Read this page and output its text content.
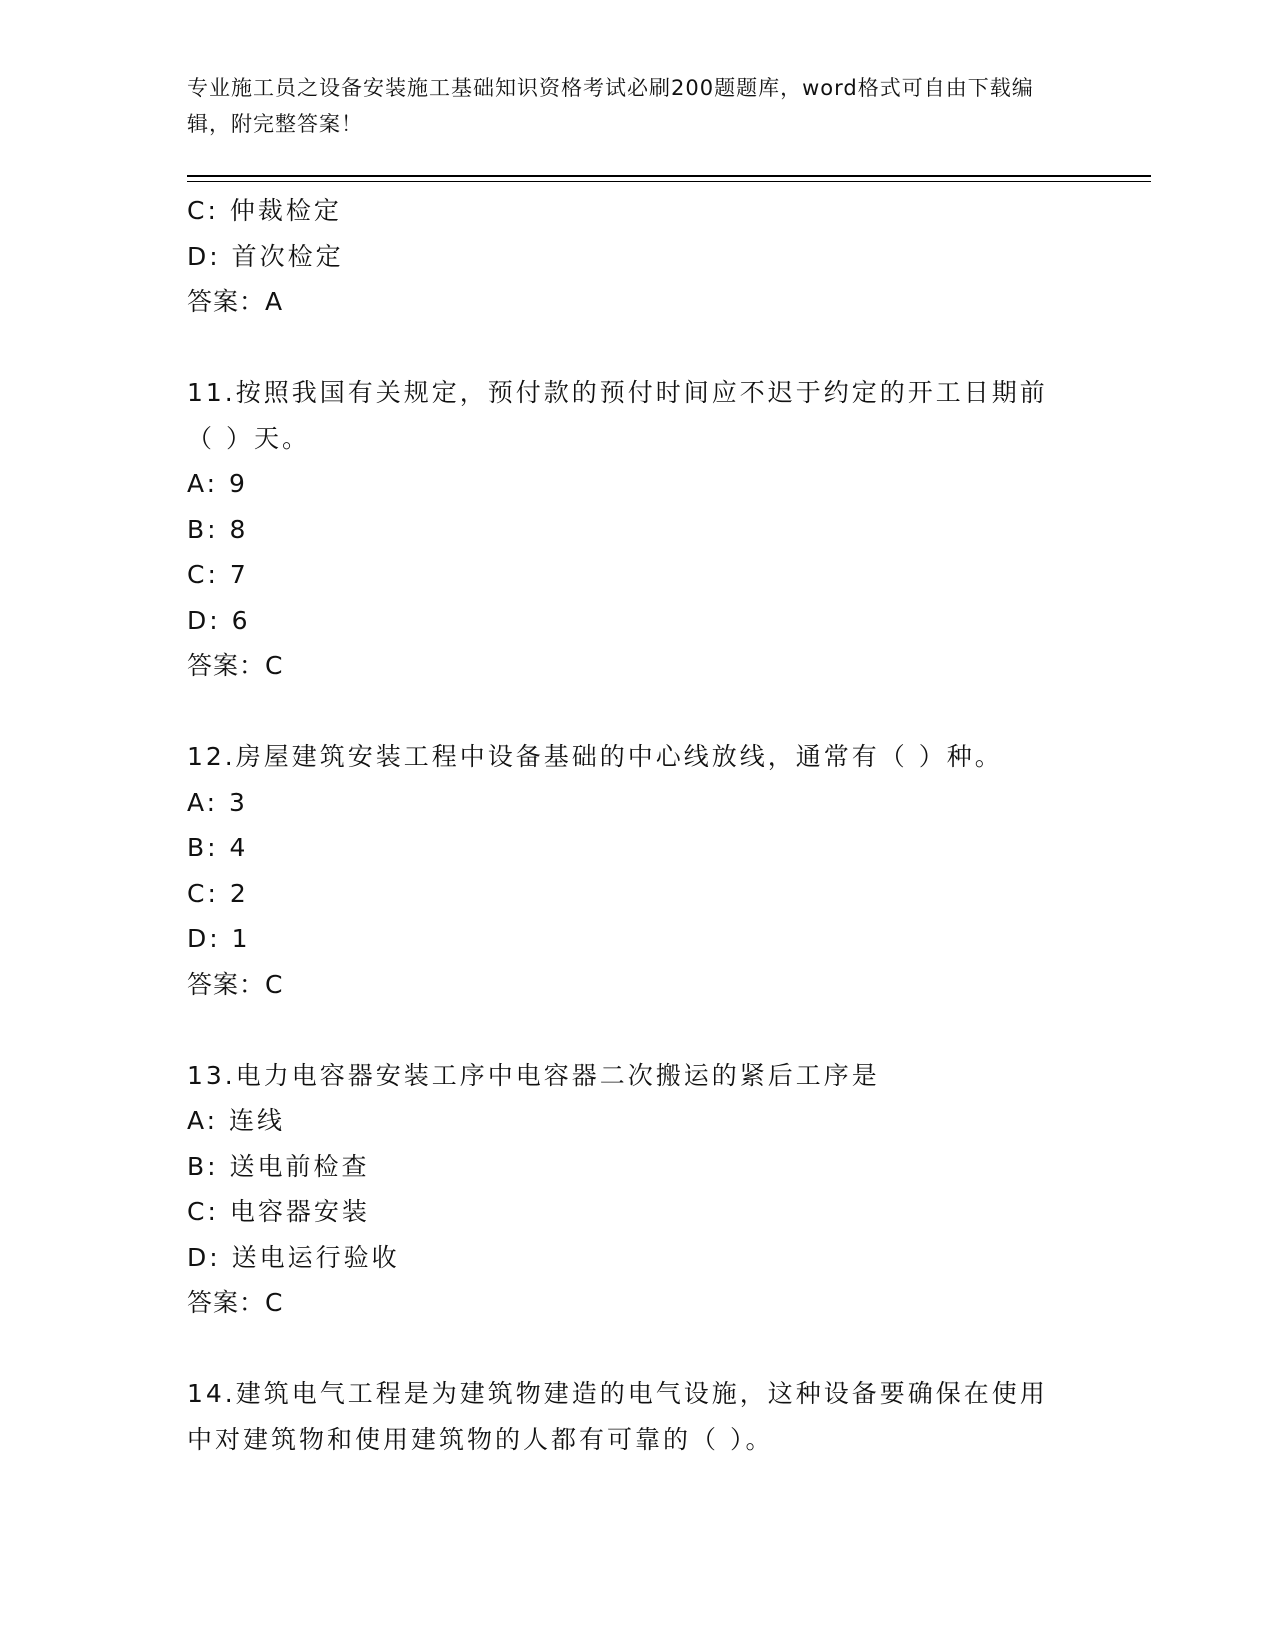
专业施工员之设备安装施工基础知识资格考试必刷200题题库，word格式可自由下载编辑，附完整答案！
C: 仲裁检定
D: 首次检定
答案：A
11.按照我国有关规定，预付款的预付时间应不迟于约定的开工日期前
（ ）天。
A: 9
B: 8
C: 7
D: 6
答案：C
12.房屋建筑安装工程中设备基础的中心线放线，通常有（ ）种。
A: 3
B: 4
C: 2
D: 1
答案：C
13.电力电容器安装工序中电容器二次搬运的紧后工序是
A: 连线
B: 送电前检查
C: 电容器安装
D: 送电运行验收
答案：C
14.建筑电气工程是为建筑物建造的电气设施，这种设备要确保在使用
中对建筑物和使用建筑物的人都有可靠的（ ）。
